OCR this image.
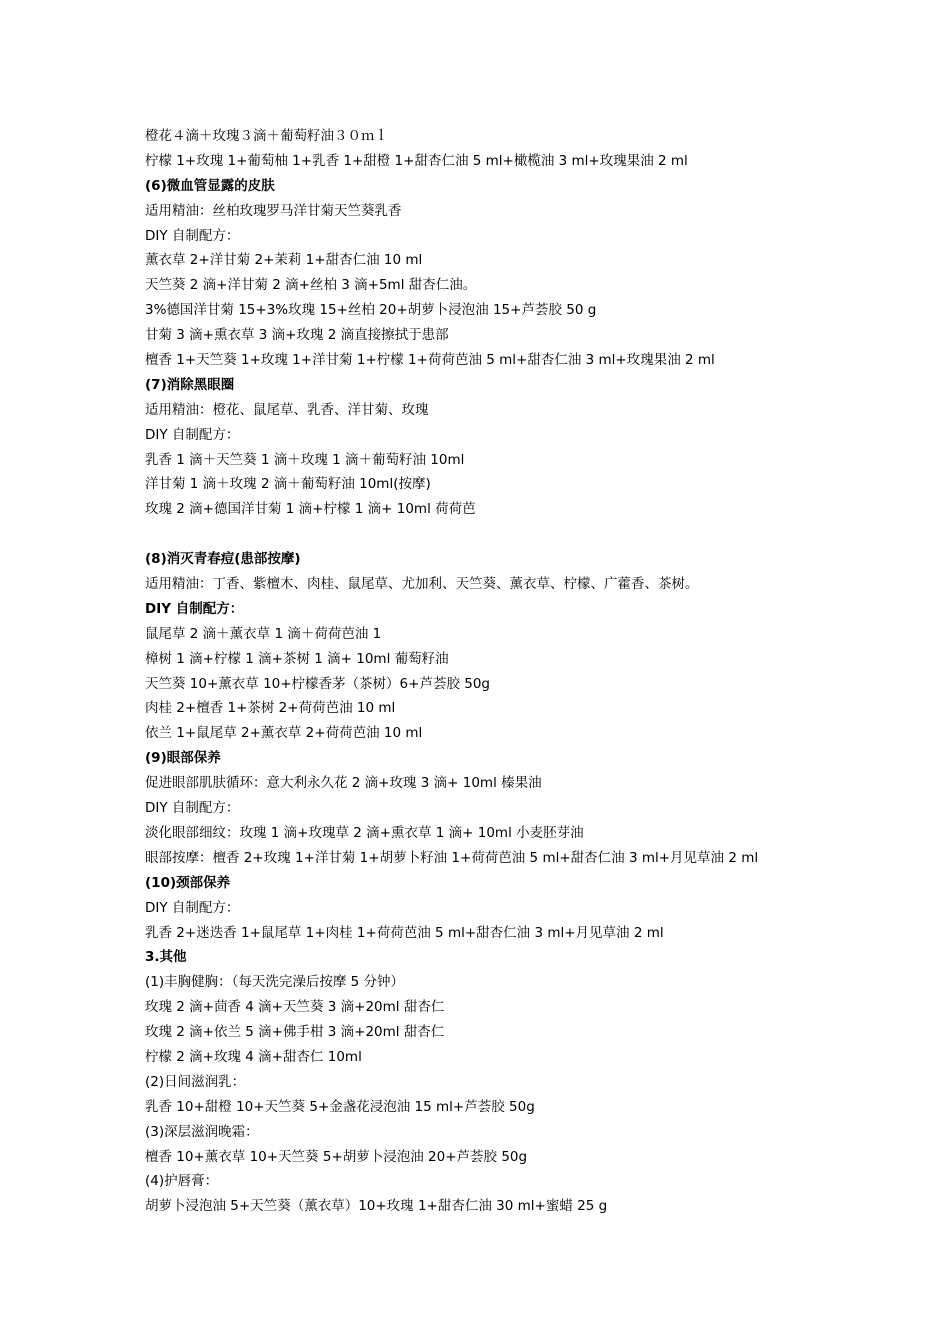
橙花４滴＋玫瑰３滴＋葡萄籽油３０ｍｌ
柠檬 1+玫瑰 1+葡萄柚 1+乳香 1+甜橙 1+甜杏仁油 5 ml+橄榄油 3 ml+玫瑰果油 2 ml
(6)微血管显露的皮肤
适用精油：丝柏玫瑰罗马洋甘菊天竺葵乳香
DIY 自制配方：
薰衣草 2+洋甘菊 2+茉莉 1+甜杏仁油 10 ml
天竺葵 2 滴+洋甘菊 2 滴+丝柏 3 滴+5ml 甜杏仁油。
3%德国洋甘菊 15+3%玫瑰 15+丝柏 20+胡萝卜浸泡油 15+芦荟胶 50 g
甘菊 3 滴+熏衣草 3 滴+玫瑰 2 滴直接擦拭于患部
檀香 1+天竺葵 1+玫瑰 1+洋甘菊 1+柠檬 1+荷荷芭油 5 ml+甜杏仁油 3 ml+玫瑰果油 2 ml
(7)消除黑眼圈
适用精油：橙花、鼠尾草、乳香、洋甘菊、玫瑰
DIY 自制配方：
乳香 1 滴＋天竺葵 1 滴＋玫瑰 1 滴＋葡萄籽油 10ml
洋甘菊 1 滴＋玫瑰 2 滴＋葡萄籽油 10ml(按摩)
玫瑰 2 滴+德国洋甘菊 1 滴+柠檬 1 滴+ 10ml 荷荷芭
(8)消灭青春痘(患部按摩)
适用精油：丁香、紫檀木、肉桂、鼠尾草、尤加利、天竺葵、薰衣草、柠檬、广藿香、茶树。
DIY 自制配方：
鼠尾草 2 滴＋薰衣草 1 滴＋荷荷芭油 1
樟树 1 滴+柠檬 1 滴+茶树 1 滴+ 10ml 葡萄籽油
天竺葵 10+薰衣草 10+柠檬香茅（茶树）6+芦荟胶 50g
肉桂 2+檀香 1+茶树 2+荷荷芭油 10 ml
依兰 1+鼠尾草 2+薰衣草 2+荷荷芭油 10 ml
(9)眼部保养
促进眼部肌肤循环：意大利永久花 2 滴+玫瑰 3 滴+ 10ml 榛果油
DIY 自制配方：
淡化眼部细纹：玫瑰 1 滴+玫瑰草 2 滴+熏衣草 1 滴+ 10ml 小麦胚芽油
眼部按摩：檀香 2+玫瑰 1+洋甘菊 1+胡萝卜籽油 1+荷荷芭油 5 ml+甜杏仁油 3 ml+月见草油 2 ml
(10)颈部保养
DIY 自制配方：
乳香 2+迷迭香 1+鼠尾草 1+肉桂 1+荷荷芭油 5 ml+甜杏仁油 3 ml+月见草油 2 ml
3.其他
(1)丰胸健胸：（每天洗完澡后按摩 5 分钟）
玫瑰 2 滴+茴香 4 滴+天竺葵 3 滴+20ml 甜杏仁
玫瑰 2 滴+依兰 5 滴+佛手柑 3 滴+20ml 甜杏仁
柠檬 2 滴+玫瑰 4 滴+甜杏仁 10ml
(2)日间滋润乳：
乳香 10+甜橙 10+天竺葵 5+金盏花浸泡油 15 ml+芦荟胶 50g
(3)深层滋润晚霜：
檀香 10+薰衣草 10+天竺葵 5+胡萝卜浸泡油 20+芦荟胶 50g
(4)护唇膏：
胡萝卜浸泡油 5+天竺葵（薰衣草）10+玫瑰 1+甜杏仁油 30 ml+蜜蜡 25 g
